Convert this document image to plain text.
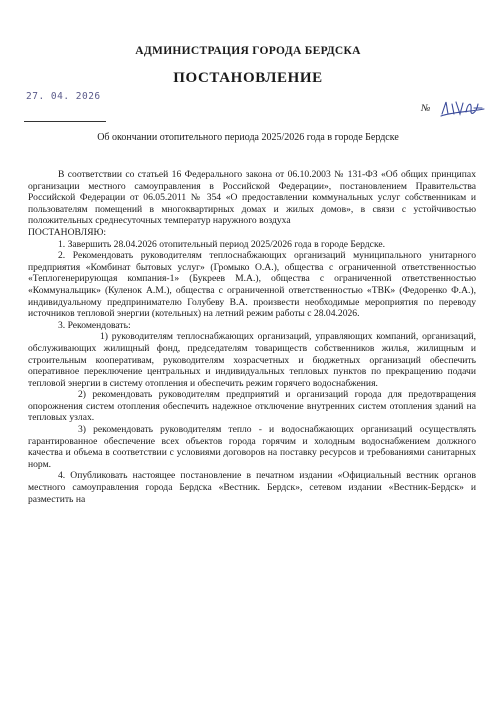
АДМИНИСТРАЦИЯ ГОРОДА БЕРДСКА
ПОСТАНОВЛЕНИЕ
27. 04. 2026
№
Об окончании отопительного периода 2025/2026 года в городе Бердске

В соответствии со статьей 16 Федерального закона от 06.10.2003 № 131-ФЗ «Об общих принципах организации местного самоуправления в Российской Федерации», постановлением Правительства Российской Федерации от 06.05.2011 № 354 «О предоставлении коммунальных услуг собственникам и пользователям помещений в многоквартирных домах и жилых домов», в связи с устойчивостью положительных среднесуточных температур наружного воздуха

ПОСТАНОВЛЯЮ:

1. Завершить 28.04.2026 отопительный период 2025/2026 года в городе Бердске.

2. Рекомендовать руководителям теплоснабжающих организаций муниципального унитарного предприятия «Комбинат бытовых услуг» (Громыко О.А.), общества с ограниченной ответственностью «Теплогенерирующая компания-1» (Букреев М.А.), общества с ограниченной ответственностью «Коммунальщик» (Куленок А.М.), общества с ограниченной ответственностью «ТВК» (Федоренко Ф.А.), индивидуальному предпринимателю Голубеву В.А. произвести необходимые мероприятия по переводу источников тепловой энергии (котельных) на летний режим работы с 28.04.2026.

3. Рекомендовать:

1) руководителям теплоснабжающих организаций, управляющих компаний, организаций, обслуживающих жилищный фонд, председателям товариществ собственников жилья, жилищным и строительным кооперативам, руководителям хозрасчетных и бюджетных организаций обеспечить оперативное переключение центральных и индивидуальных тепловых пунктов по прекращению подачи тепловой энергии в систему отопления и обеспечить режим горячего водоснабжения.

2) рекомендовать руководителям предприятий и организаций города для предотвращения опорожнения систем отопления обеспечить надежное отключение внутренних систем отопления зданий на тепловых узлах.

3) рекомендовать руководителям тепло - и водоснабжающих организаций осуществлять гарантированное обеспечение всех объектов города горячим и холодным водоснабжением должного качества и объема в соответствии с условиями договоров на поставку ресурсов и требованиями санитарных норм.

4. Опубликовать настоящее постановление в печатном издании «Официальный вестник органов местного самоуправления города Бердска «Вестник. Бердск», сетевом издании «Вестник-Бердск» и разместить на
